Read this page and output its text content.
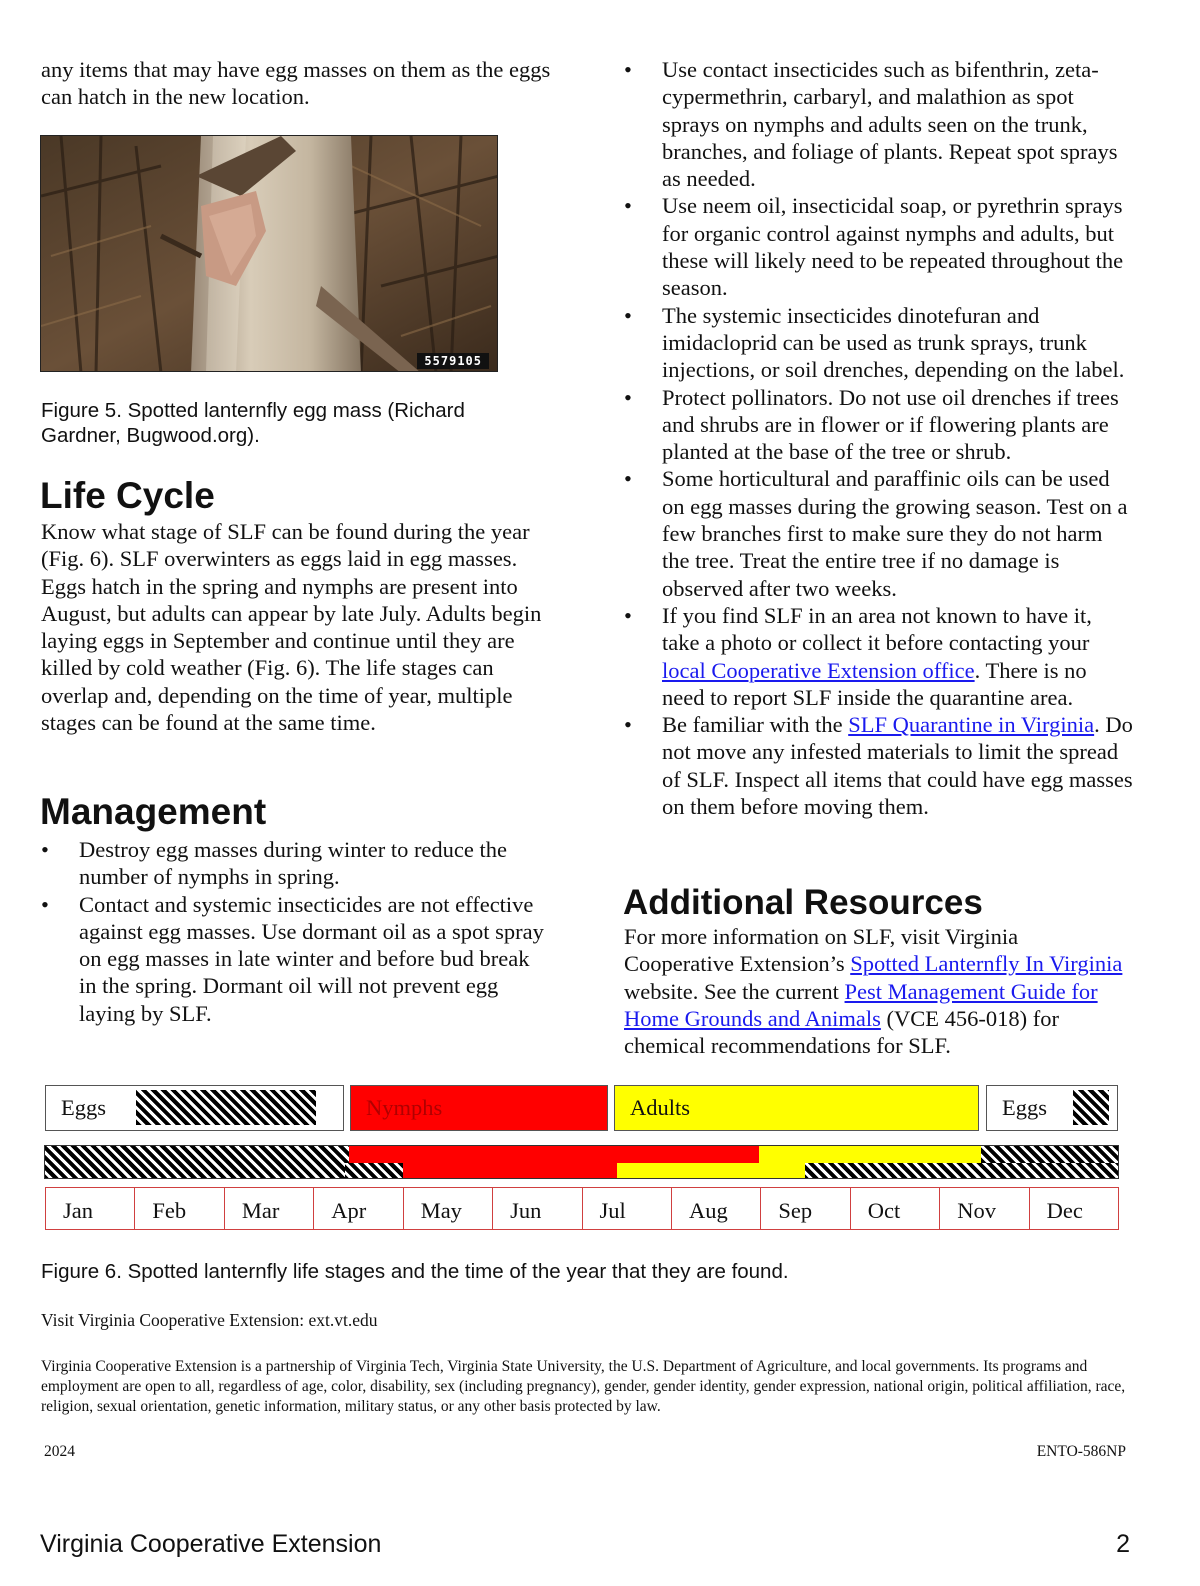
any items that may have egg masses on them as the eggs can hatch in the new location.

5579105

Figure 5. Spotted lanternfly egg mass (Richard Gardner, Bugwood.org).

Life Cycle

Know what stage of SLF can be found during the year (Fig. 6). SLF overwinters as eggs laid in egg masses. Eggs hatch in the spring and nymphs are present into August, but adults can appear by late July. Adults begin laying eggs in September and continue until they are killed by cold weather (Fig. 6). The life stages can overlap and, depending on the time of year, multiple stages can be found at the same time.

Management
• Destroy egg masses during winter to reduce the number of nymphs in spring.
• Contact and systemic insecticides are not effective against egg masses. Use dormant oil as a spot spray on egg masses in late winter and before bud break in the spring. Dormant oil will not prevent egg laying by SLF.
• Use contact insecticides such as bifenthrin, zeta-cypermethrin, carbaryl, and malathion as spot sprays on nymphs and adults seen on the trunk, branches, and foliage of plants. Repeat spot sprays as needed.
• Use neem oil, insecticidal soap, or pyrethrin sprays for organic control against nymphs and adults, but these will likely need to be repeated throughout the season.
• The systemic insecticides dinotefuran and imidacloprid can be used as trunk sprays, trunk injections, or soil drenches, depending on the label.
• Protect pollinators. Do not use oil drenches if trees and shrubs are in flower or if flowering plants are planted at the base of the tree or shrub.
• Some horticultural and paraffinic oils can be used on egg masses during the growing season. Test on a few branches first to make sure they do not harm the tree. Treat the entire tree if no damage is observed after two weeks.
• If you find SLF in an area not known to have it, take a photo or collect it before contacting your local Cooperative Extension office. There is no need to report SLF inside the quarantine area.
• Be familiar with the SLF Quarantine in Virginia. Do not move any infested materials to limit the spread of SLF. Inspect all items that could have egg masses on them before moving them.
Additional Resources

For more information on SLF, visit Virginia Cooperative Extension’s Spotted Lanternfly In Virginia website. See the current Pest Management Guide for Home Grounds and Animals (VCE 456-018) for chemical recommendations for SLF.

Eggs	Nymphs	Adults	Eggs
Jan	Feb	Mar	Apr	May	Jun	Jul	Aug	Sep	Oct	Nov	Dec

Figure 6. Spotted lanternfly life stages and the time of the year that they are found.

Visit Virginia Cooperative Extension: ext.vt.edu

Virginia Cooperative Extension is a partnership of Virginia Tech, Virginia State University, the U.S. Department of Agriculture, and local governments. Its programs and employment are open to all, regardless of age, color, disability, sex (including pregnancy), gender, gender identity, gender expression, national origin, political affiliation, race, religion, sexual orientation, genetic information, military status, or any other basis protected by law.

2024	ENTO-586NP

Virginia Cooperative Extension	2
